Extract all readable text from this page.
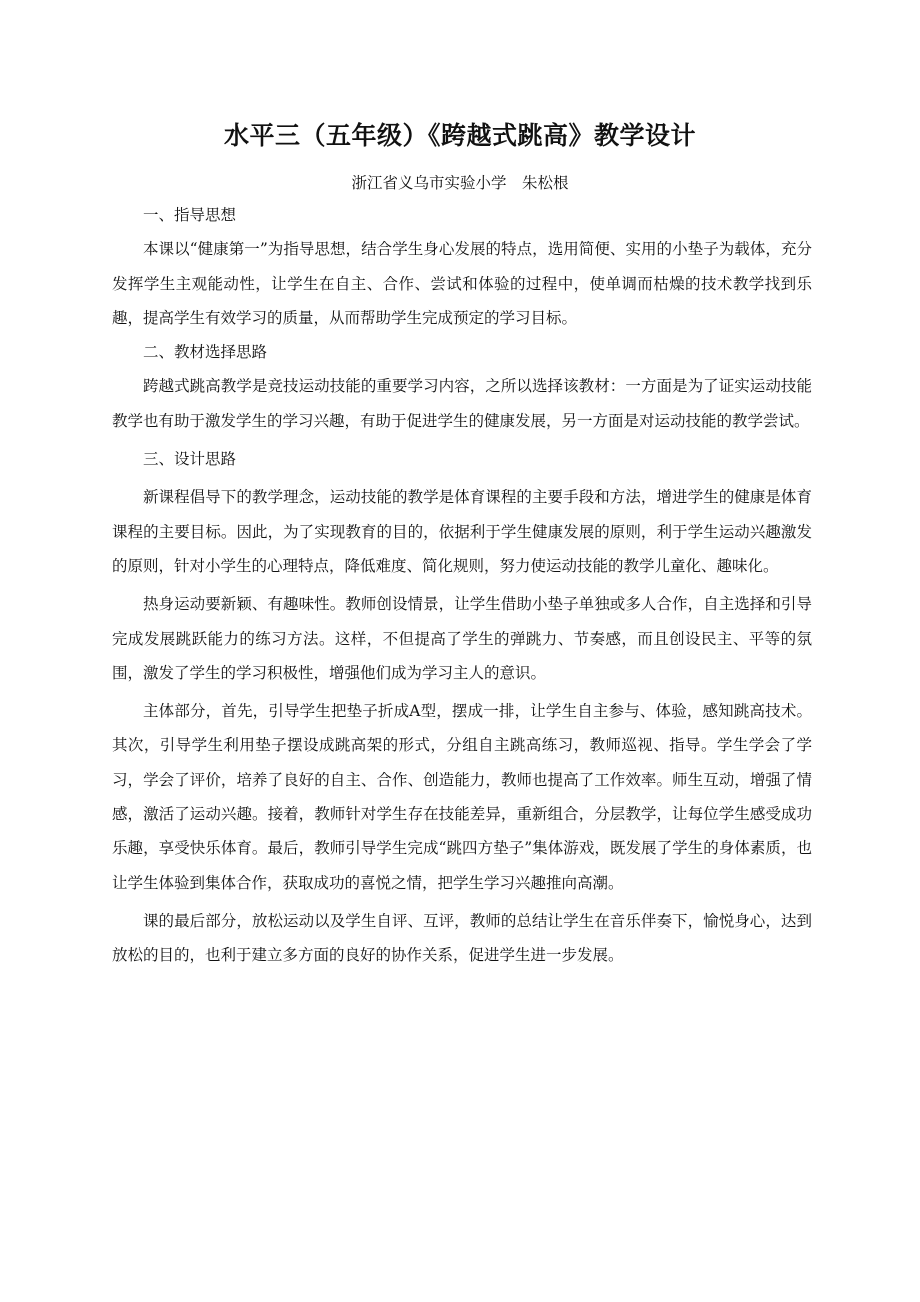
水平三（五年级）《跨越式跳高》教学设计
浙江省义乌市实验小学　朱松根

一、指导思想

本课以“健康第一”为指导思想，结合学生身心发展的特点，选用简便、实用的小垫子为载体，充分发挥学生主观能动性，让学生在自主、合作、尝试和体验的过程中，使单调而枯燥的技术教学找到乐趣，提高学生有效学习的质量，从而帮助学生完成预定的学习目标。

二、教材选择思路

跨越式跳高教学是竞技运动技能的重要学习内容，之所以选择该教材：一方面是为了证实运动技能教学也有助于激发学生的学习兴趣，有助于促进学生的健康发展，另一方面是对运动技能的教学尝试。

三、设计思路

新课程倡导下的教学理念，运动技能的教学是体育课程的主要手段和方法，增进学生的健康是体育课程的主要目标。因此，为了实现教育的目的，依据利于学生健康发展的原则，利于学生运动兴趣激发的原则，针对小学生的心理特点，降低难度、简化规则，努力使运动技能的教学儿童化、趣味化。

热身运动要新颖、有趣味性。教师创设情景，让学生借助小垫子单独或多人合作，自主选择和引导完成发展跳跃能力的练习方法。这样，不但提高了学生的弹跳力、节奏感，而且创设民主、平等的氛围，激发了学生的学习积极性，增强他们成为学习主人的意识。

主体部分，首先，引导学生把垫子折成A型，摆成一排，让学生自主参与、体验，感知跳高技术。其次，引导学生利用垫子摆设成跳高架的形式，分组自主跳高练习，教师巡视、指导。学生学会了学习，学会了评价，培养了良好的自主、合作、创造能力，教师也提高了工作效率。师生互动，增强了情感，激活了运动兴趣。接着，教师针对学生存在技能差异，重新组合，分层教学，让每位学生感受成功乐趣，享受快乐体育。最后，教师引导学生完成“跳四方垫子”集体游戏，既发展了学生的身体素质，也让学生体验到集体合作，获取成功的喜悦之情，把学生学习兴趣推向高潮。

课的最后部分，放松运动以及学生自评、互评，教师的总结让学生在音乐伴奏下，愉悦身心，达到放松的目的，也利于建立多方面的良好的协作关系，促进学生进一步发展。
